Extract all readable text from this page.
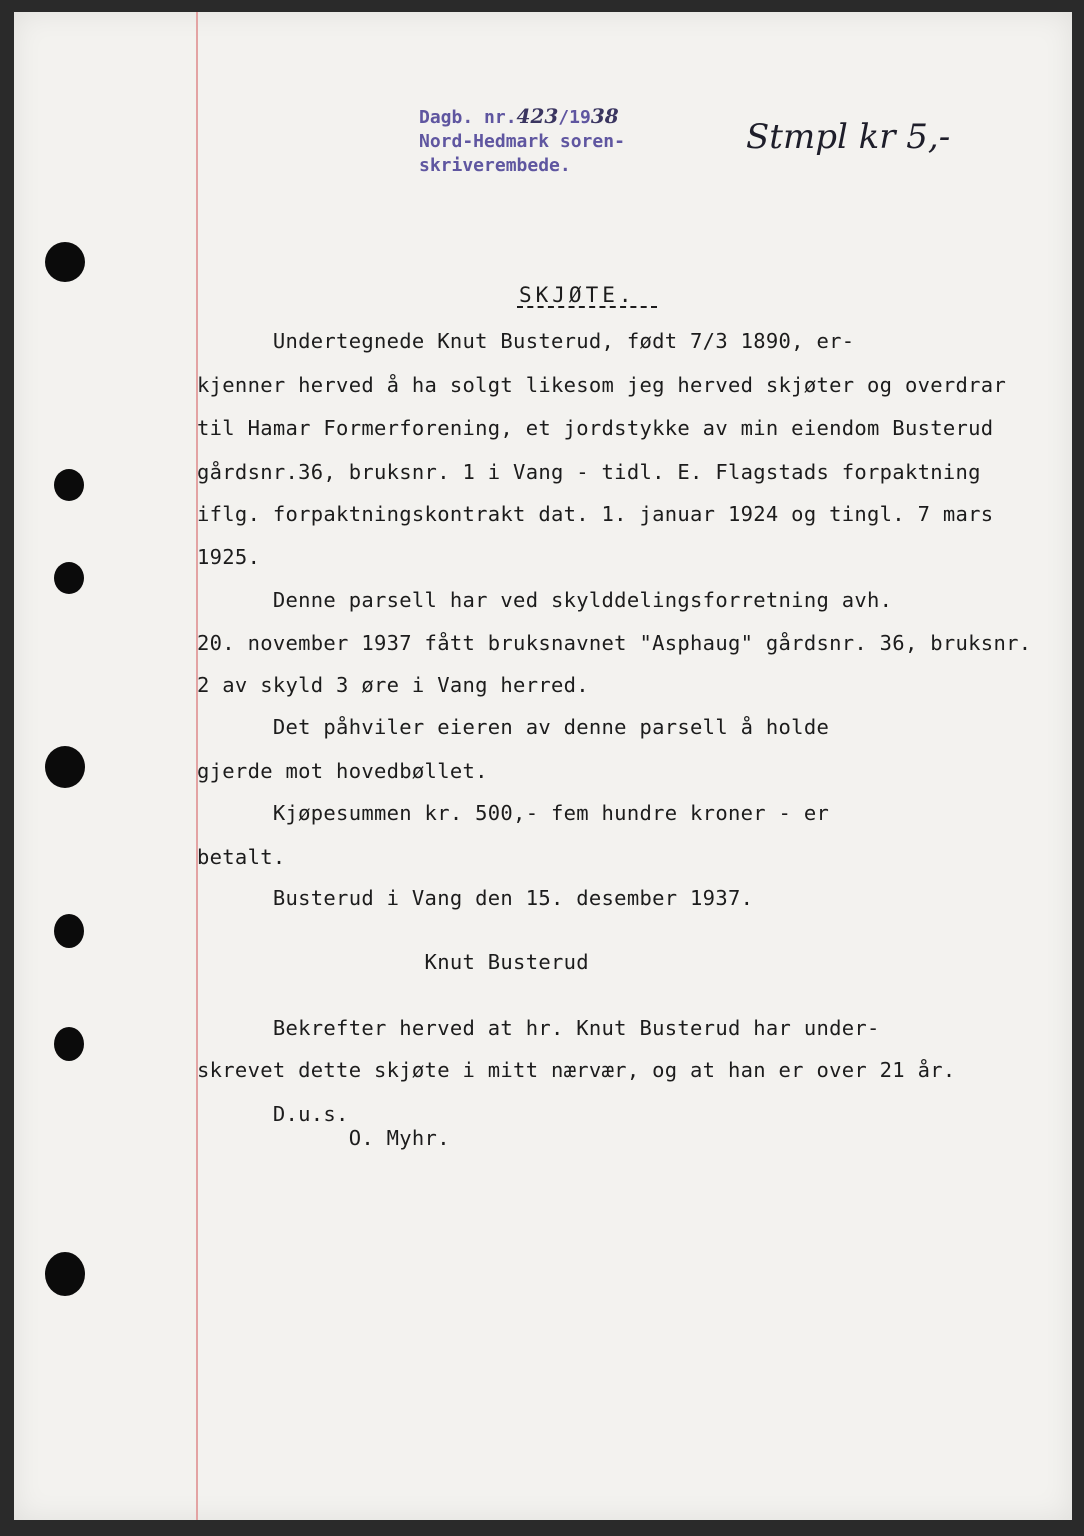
Dagb. nr.423/1938
Nord-Hedmark soren-
skriverembede.
Stmpl kr 5,-
SKJØTE.
Undertegnede Knut Busterud, født 7/3 1890, er-
kjenner herved å ha solgt likesom jeg herved skjøter og overdrar
til Hamar Formerforening, et jordstykke av min eiendom Busterud
gårdsnr.36, bruksnr. 1 i Vang - tidl. E. Flagstads forpaktning
iflg. forpaktningskontrakt dat. 1. januar 1924 og tingl. 7 mars
1925.
Denne parsell har ved skylddelingsforretning avh.
20. november 1937 fått bruksnavnet "Asphaug" gårdsnr. 36, bruksnr.
2 av skyld 3 øre i Vang herred.
Det påhviler eieren av denne parsell å holde
gjerde mot hovedbøllet.
Kjøpesummen kr. 500,- fem hundre kroner - er
betalt.
Busterud i Vang den 15. desember 1937.
Knut Busterud
Bekrefter herved at hr. Knut Busterud har under-
skrevet dette skjøte i mitt nærvær, og at han er over 21 år.
D.u.s.
O. Myhr.
